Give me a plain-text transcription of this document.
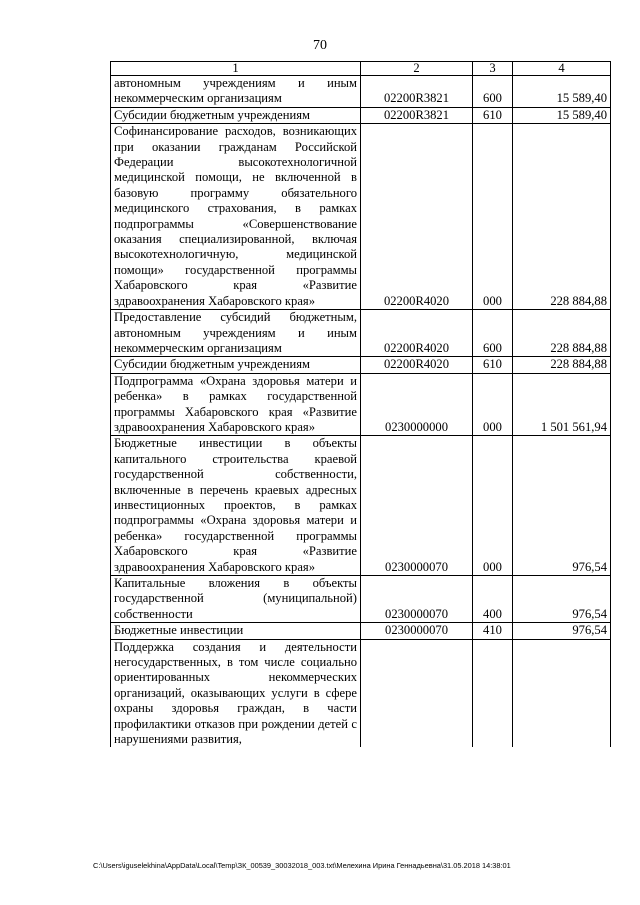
70
1	2	3	4
автономным учреждениям и иным некоммерческим организациям	02200R3821	600	15 589,40
Субсидии бюджетным учреждениям	02200R3821	610	15 589,40
Софинансирование расходов, возникающих при оказании гражданам Российской Федерации высокотехнологичной медицинской помощи, не включенной в базовую программу обязательного медицинского страхования, в рамках подпрограммы «Совершенствование оказания специализированной, включая высокотехнологичную, медицинской помощи» государственной программы Хабаровского края «Развитие здравоохранения Хабаровского края»	02200R4020	000	228 884,88
Предоставление субсидий бюджетным, автономным учреждениям и иным некоммерческим организациям	02200R4020	600	228 884,88
Субсидии бюджетным учреждениям	02200R4020	610	228 884,88
Подпрограмма «Охрана здоровья матери и ребенка» в рамках государственной программы Хабаровского края «Развитие здравоохранения Хабаровского края»	0230000000	000	1 501 561,94
Бюджетные инвестиции в объекты капитального строительства краевой государственной собственности, включенные в перечень краевых адресных инвестиционных проектов, в рамках подпрограммы «Охрана здоровья матери и ребенка» государственной программы Хабаровского края «Развитие здравоохранения Хабаровского края»	0230000070	000	976,54
Капитальные вложения в объекты государственной (муниципальной) собственности	0230000070	400	976,54
Бюджетные инвестиции	0230000070	410	976,54
Поддержка создания и деятельности негосударственных, в том числе социально ориентированных некоммерческих организаций, оказывающих услуги в сфере охраны здоровья граждан, в части профилактики отказов при рождении детей с нарушениями развития,			
C:\Users\iguselekhina\AppData\Local\Temp\ЗК_00539_30032018_003.txt\Мелехина Ирина Геннадьевна\31.05.2018 14:38:01
